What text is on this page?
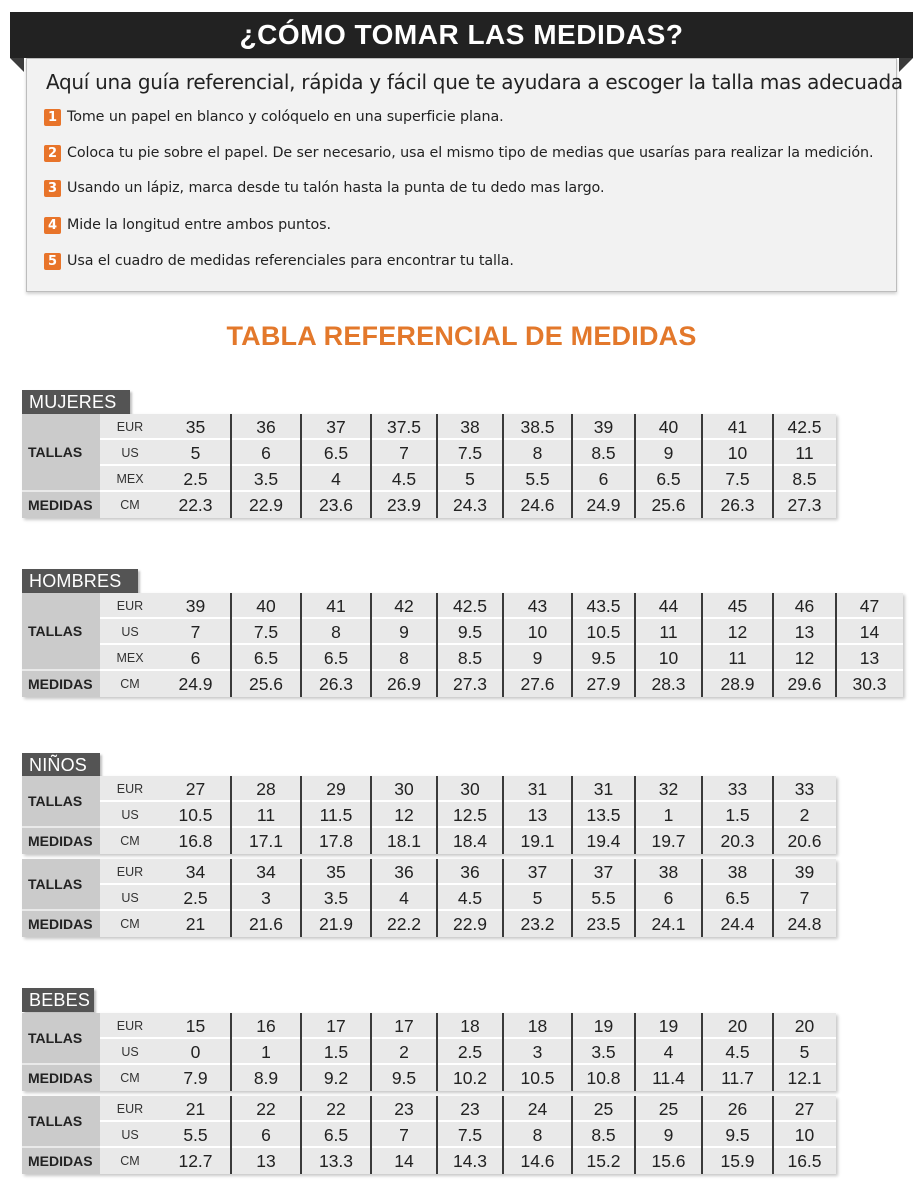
¿CÓMO TOMAR LAS MEDIDAS?
Aquí una guía referencial, rápida y fácil que te ayudara a escoger la talla mas adecuada
1 Tome un papel en blanco y colóquelo en una superficie plana.
2 Coloca tu pie sobre el papel. De ser necesario, usa el mismo tipo de medias que usarías para realizar la medición.
3 Usando un lápiz, marca desde tu talón hasta la punta de tu dedo mas largo.
4 Mide la longitud entre ambos puntos.
5 Usa el cuadro de medidas referenciales para encontrar tu talla.
TABLA REFERENCIAL DE MEDIDAS
MUJERES
TALLAS
MEDIDAS
EUR	35	36	37	37.5	38	38.5	39	40	41	42.5
US	5	6	6.5	7	7.5	8	8.5	9	10	11
MEX	2.5	3.5	4	4.5	5	5.5	6	6.5	7.5	8.5
CM	22.3	22.9	23.6	23.9	24.3	24.6	24.9	25.6	26.3	27.3
HOMBRES
TALLAS
MEDIDAS
EUR	39	40	41	42	42.5	43	43.5	44	45	46	47
US	7	7.5	8	9	9.5	10	10.5	11	12	13	14
MEX	6	6.5	6.5	8	8.5	9	9.5	10	11	12	13
CM	24.9	25.6	26.3	26.9	27.3	27.6	27.9	28.3	28.9	29.6	30.3
NIÑOS
TALLAS
MEDIDAS
EUR	27	28	29	30	30	31	31	32	33	33
US	10.5	11	11.5	12	12.5	13	13.5	1	1.5	2
CM	16.8	17.1	17.8	18.1	18.4	19.1	19.4	19.7	20.3	20.6
TALLAS
MEDIDAS
EUR	34	34	35	36	36	37	37	38	38	39
US	2.5	3	3.5	4	4.5	5	5.5	6	6.5	7
CM	21	21.6	21.9	22.2	22.9	23.2	23.5	24.1	24.4	24.8
BEBES
TALLAS
MEDIDAS
EUR	15	16	17	17	18	18	19	19	20	20
US	0	1	1.5	2	2.5	3	3.5	4	4.5	5
CM	7.9	8.9	9.2	9.5	10.2	10.5	10.8	11.4	11.7	12.1
TALLAS
MEDIDAS
EUR	21	22	22	23	23	24	25	25	26	27
US	5.5	6	6.5	7	7.5	8	8.5	9	9.5	10
CM	12.7	13	13.3	14	14.3	14.6	15.2	15.6	15.9	16.5
